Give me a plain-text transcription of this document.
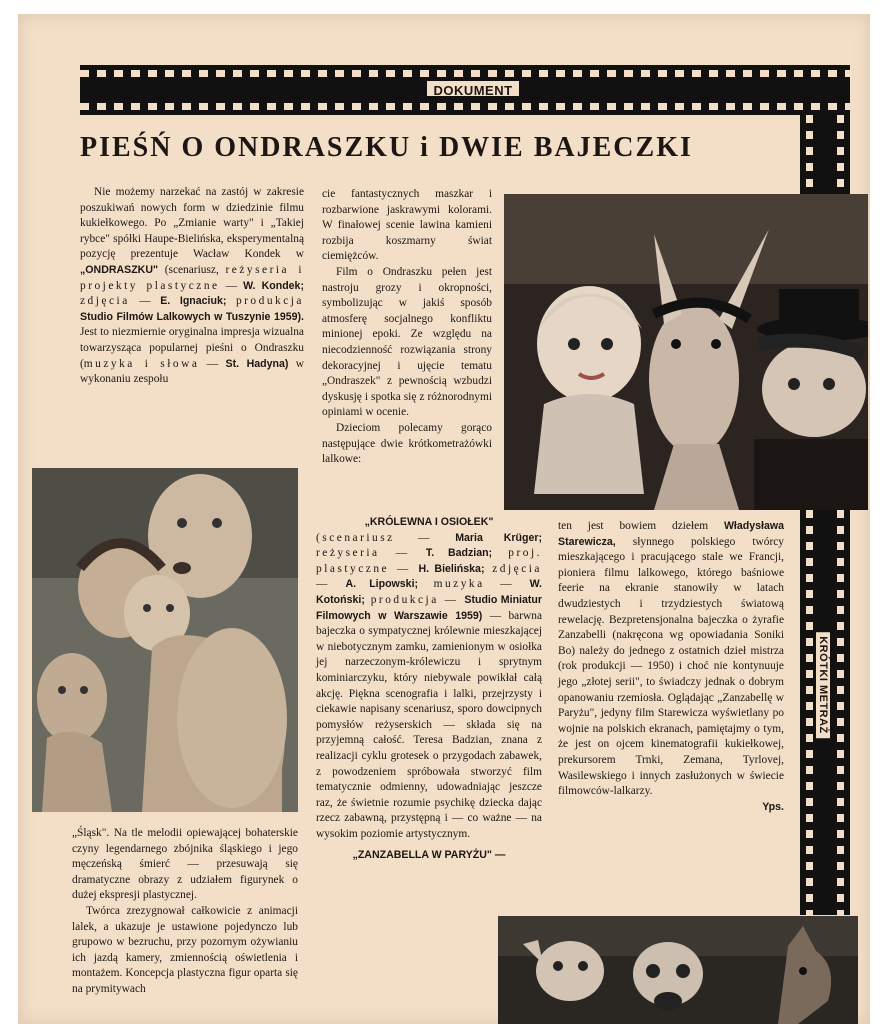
DOKUMENT
KRÓTKI METRAŻ
PIEŚŃ O ONDRASZKU i DWIE BAJECZKI

Nie możemy narzekać na zastój w zakresie poszukiwań nowych form w dziedzinie filmu kukiełkowego. Po „Zmianie warty" i „Takiej rybce" spółki Haupe-Bielińska, eksperymentalną pozycję prezentuje Wacław Kondek w „ONDRASZKU" (scenariusz, reżyseria i projekty plastyczne — W. Kondek; zdjęcia — E. Ignaciuk; produkcja Studio Filmów Lalkowych w Tuszynie 1959). Jest to niezmiernie oryginalna impresja wizualna towarzysząca popularnej pieśni o Ondraszku (muzyka i słowa — St. Hadyna) w wykonaniu zespołu

„Śląsk". Na tle melodii opiewającej bohaterskie czyny legendarnego zbójnika śląskiego i jego męczeńską śmierć — przesuwają się dramatyczne obrazy z udziałem figurynek o dużej ekspresji plastycznej.

Twórca zrezygnował całkowicie z animacji lalek, a ukazuje je ustawione pojedynczo lub grupowo w bezruchu, przy pozornym ożywianiu ich jazdą kamery, zmiennością oświetlenia i montażem. Koncepcja plastyczna figur oparta się na prymitywach

cie fantastycznych maszkar i rozbarwione jaskrawymi kolorami. W finałowej scenie lawina kamieni rozbija koszmarny świat ciemiężców.

Film o Ondraszku pełen jest nastroju grozy i okropności, symbolizując w jakiś sposób atmosferę socjalnego konfliktu minionej epoki. Ze względu na niecodzienność rozwiązania strony dekoracyjnej i ujęcie tematu „Ondraszek" z pewnością wzbudzi dyskusję i spotka się z różnorodnymi opiniami w ocenie.

Dzieciom polecamy gorąco następujące dwie krótkometrażówki lalkowe:

„KRÓLEWNA I OSIOŁEK"

(scenariusz — Maria Krüger; reżyseria — T. Badzian; proj. plastyczne — H. Bielińska; zdjęcia — A. Lipowski; muzyka — W. Kotoński; produkcja — Studio Miniatur Filmowych w Warszawie 1959) — barwna bajeczka o sympatycznej królewnie mieszkającej w niebotycznym zamku, zamienionym w osiołka jej narzeczonym-królewiczu i sprytnym kominiarczyku, który niebywale powikłał całą akcję. Piękna scenografia i lalki, przejrzysty i ciekawie napisany scenariusz, sporo dowcipnych pomysłów reżyserskich — składa się na przyjemną całość. Teresa Badzian, znana z realizacji cyklu grotesek o przygodach zabawek, z powodzeniem spróbowała stworzyć film tematycznie odmienny, udowadniając jeszcze raz, że świetnie rozumie psychikę dziecka dając rzecz zabawną, przystępną i — co ważne — na wysokim poziomie artystycznym.

„ZANZABELLA W PARYŻU" —

ten jest bowiem dziełem Władysława Starewicza, słynnego polskiego twórcy mieszkającego i pracującego stale we Francji, pioniera filmu lalkowego, którego baśniowe feerie na ekranie stanowiły w latach dwudziestych i trzydziestych światową rewelację. Bezpretensjonalna bajeczka o żyrafie Zanzabelli (nakręcona wg opowiadania Soniki Bo) należy do jednego z ostatnich dzieł mistrza (rok produkcji — 1950) i choć nie kontynuuje jego „złotej serii", to świadczy jednak o dobrym opanowaniu rzemiosła. Oglądając „Zanzabellę w Paryżu", jedyny film Starewicza wyświetlany po wojnie na polskich ekranach, pamiętajmy o tym, że jest on ojcem kinematografii kukiełkowej, prekursorem Trnki, Zemana, Tyrlovej, Wasilewskiego i innych zasłużonych w świecie filmowców-lalkarzy.

Yps.
